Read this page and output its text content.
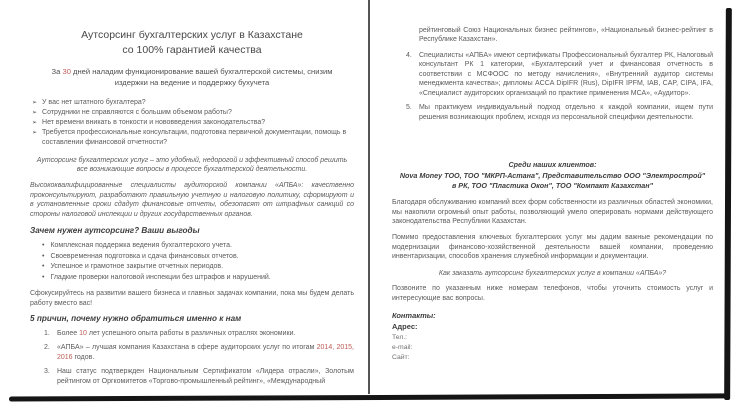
Аутсорсинг бухгалтерских услуг в Казахстане
со 100% гарантией качества
За 30 дней наладим функционирование вашей бухгалтерской системы, снизим издержки на ведение и поддержку бухучета
➢ У вас нет штатного бухгалтера?
➢ Сотрудники не справляются с большим объемом работы?
➢ Нет времени вникать в тонкости и нововведения законодательства?
➢ Требуется профессиональные консультации, подготовка первичной документации, помощь в составлении финансовой отчетности?
Аутсорсинг бухгалтерских услуг – это удобный, недорогой и эффективный способ решить все возникающие вопросы в процессе бухгалтерской деятельности.
Высококвалифицированные специалисты аудиторской компании «АПБА»: качественно проконсультируют, разработают правильную учетную и налоговую политику, сформируют и в установленные сроки сдадут финансовые отчеты, обезопасят от штрафных санкций со стороны налоговой инспекции и других государственных органов.
Зачем нужен аутсорсинг? Ваши выгоды
• Комплексная поддержка ведения бухгалтерского учета.
• Своевременная подготовка и сдача финансовых отчетов.
• Успешное и грамотное закрытие отчетных периодов.
• Гладкие проверки налоговой инспекции без штрафов и нарушений.
Сфокусируйтесь на развитии вашего бизнеса и главных задачах компании, пока мы будем делать работу вместо вас!
5 причин, почему нужно обратиться именно к нам
1.	Более 10 лет успешного опыта работы в различных отраслях экономики.
2.	«АПБА» – лучшая компания Казахстана в сфере аудиторских услуг по итогам 2014, 2015, 2016 годов.
3.	Наш статус подтвержден Национальным Сертификатом «Лидера отрасли», Золотым рейтингом от Оргкомитетов «Торгово-промышленный рейтинг», «Международный
рейтинговый Союз Национальных бизнес рейтингов», «Национальный бизнес-рейтинг в Республике Казахстан».
4.	Специалисты «АПБА» имеют сертификаты Профессиональный бухгалтер РК, Налоговый консультант РК 1 категории, «Бухгалтерский учет и финансовая отчетность в соответствии с МСФООС по методу начисления», «Внутренний аудитор системы менеджмента качества»; дипломы ACCA DipIFR (Rus), DipIFR IPFM, IAB, CAP, CIPA, IFA, «Специалист аудиторских организаций по практике применения МСА», «Аудитор».
5.	Мы практикуем индивидуальный подход отдельно к каждой компании, ищем пути решения возникающих проблем, исходя из персональной специфики деятельности.
Среди наших клиентов:
Nova Money ТОО, ТОО "МКРП-Астана", Представительство ООО "Электрострой"
в РК, ТОО "Пластика Окон", ТОО "Компакт Казахстан"
Благодаря обслуживанию компаний всех форм собственности из различных областей экономики, мы накопили огромный опыт работы, позволяющий умело оперировать нормами действующего законодательства Республики Казахстан.
Помимо предоставления ключевых бухгалтерских услуг мы дадим важные рекомендации по модернизации финансово-хозяйственной деятельности вашей компании, проведению инвентаризации, способов хранения служебной информации и документации.
Как заказать аутсорсинг бухгалтерских услуг в компании «АПБА»?
Позвоните по указанным ниже номерам телефонов, чтобы уточнить стоимость услуг и интересующие вас вопросы.
Контакты:
Адрес:
Тел.:
e-mail:
Сайт:
